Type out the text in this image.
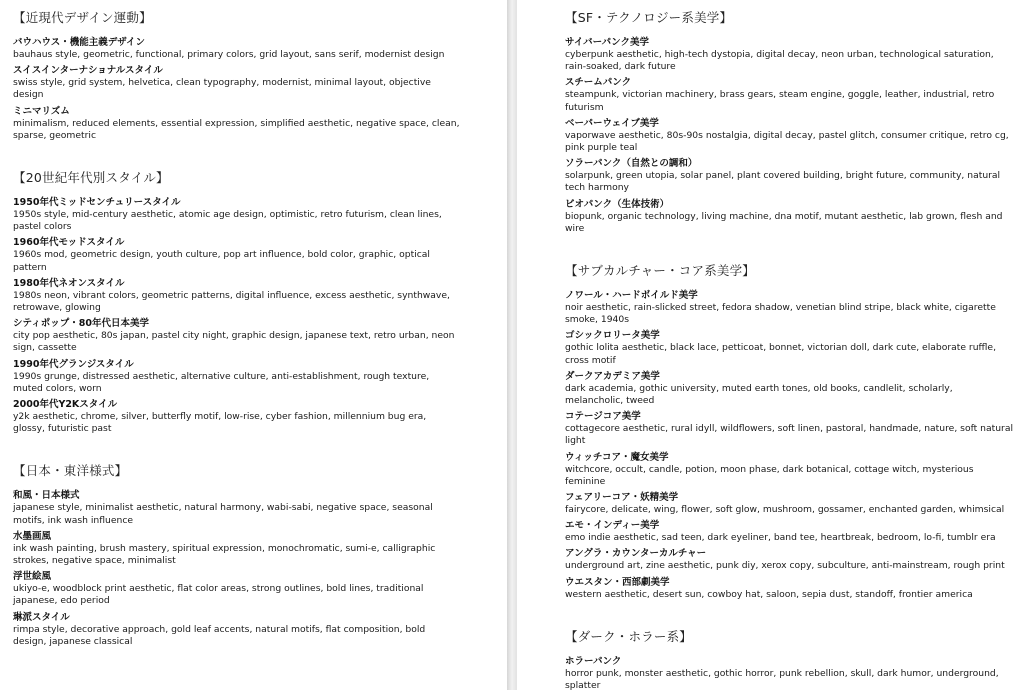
【近現代デザイン運動】
バウハウス・機能主義デザイン
bauhaus style, geometric, functional, primary colors, grid layout, sans serif, modernist design
スイスインターナショナルスタイル
swiss style, grid system, helvetica, clean typography, modernist, minimal layout, objective design
ミニマリズム
minimalism, reduced elements, essential expression, simplified aesthetic, negative space, clean, sparse, geometric
【20世紀年代別スタイル】
1950年代ミッドセンチュリースタイル
1950s style, mid-century aesthetic, atomic age design, optimistic, retro futurism, clean lines, pastel colors
1960年代モッドスタイル
1960s mod, geometric design, youth culture, pop art influence, bold color, graphic, optical pattern
1980年代ネオンスタイル
1980s neon, vibrant colors, geometric patterns, digital influence, excess aesthetic, synthwave, retrowave, glowing
シティポップ・80年代日本美学
city pop aesthetic, 80s japan, pastel city night, graphic design, japanese text, retro urban, neon sign, cassette
1990年代グランジスタイル
1990s grunge, distressed aesthetic, alternative culture, anti-establishment, rough texture, muted colors, worn
2000年代Y2Kスタイル
y2k aesthetic, chrome, silver, butterfly motif, low-rise, cyber fashion, millennium bug era, glossy, futuristic past
【日本・東洋様式】
和風・日本様式
japanese style, minimalist aesthetic, natural harmony, wabi-sabi, negative space, seasonal motifs, ink wash influence
水墨画風
ink wash painting, brush mastery, spiritual expression, monochromatic, sumi-e, calligraphic strokes, negative space, minimalist
浮世絵風
ukiyo-e, woodblock print aesthetic, flat color areas, strong outlines, bold lines, traditional japanese, edo period
琳派スタイル
rimpa style, decorative approach, gold leaf accents, natural motifs, flat composition, bold design, japanese classical
【SF・テクノロジー系美学】
サイバーパンク美学
cyberpunk aesthetic, high-tech dystopia, digital decay, neon urban, technological saturation, rain-soaked, dark future
スチームパンク
steampunk, victorian machinery, brass gears, steam engine, goggle, leather, industrial, retro futurism
ベーパーウェイブ美学
vaporwave aesthetic, 80s-90s nostalgia, digital decay, pastel glitch, consumer critique, retro cg, pink purple teal
ソラーパンク（自然との調和）
solarpunk, green utopia, solar panel, plant covered building, bright future, community, natural tech harmony
ビオパンク（生体技術）
biopunk, organic technology, living machine, dna motif, mutant aesthetic, lab grown, flesh and wire
【サブカルチャー・コア系美学】
ノワール・ハードボイルド美学
noir aesthetic, rain-slicked street, fedora shadow, venetian blind stripe, black white, cigarette smoke, 1940s
ゴシックロリータ美学
gothic lolita aesthetic, black lace, petticoat, bonnet, victorian doll, dark cute, elaborate ruffle, cross motif
ダークアカデミア美学
dark academia, gothic university, muted earth tones, old books, candlelit, scholarly, melancholic, tweed
コテージコア美学
cottagecore aesthetic, rural idyll, wildflowers, soft linen, pastoral, handmade, nature, soft natural light
ウィッチコア・魔女美学
witchcore, occult, candle, potion, moon phase, dark botanical, cottage witch, mysterious feminine
フェアリーコア・妖精美学
fairycore, delicate, wing, flower, soft glow, mushroom, gossamer, enchanted garden, whimsical
エモ・インディー美学
emo indie aesthetic, sad teen, dark eyeliner, band tee, heartbreak, bedroom, lo-fi, tumblr era
アングラ・カウンターカルチャー
underground art, zine aesthetic, punk diy, xerox copy, subculture, anti-mainstream, rough print
ウエスタン・西部劇美学
western aesthetic, desert sun, cowboy hat, saloon, sepia dust, standoff, frontier america
【ダーク・ホラー系】
ホラーパンク
horror punk, monster aesthetic, gothic horror, punk rebellion, skull, dark humor, underground, splatter
